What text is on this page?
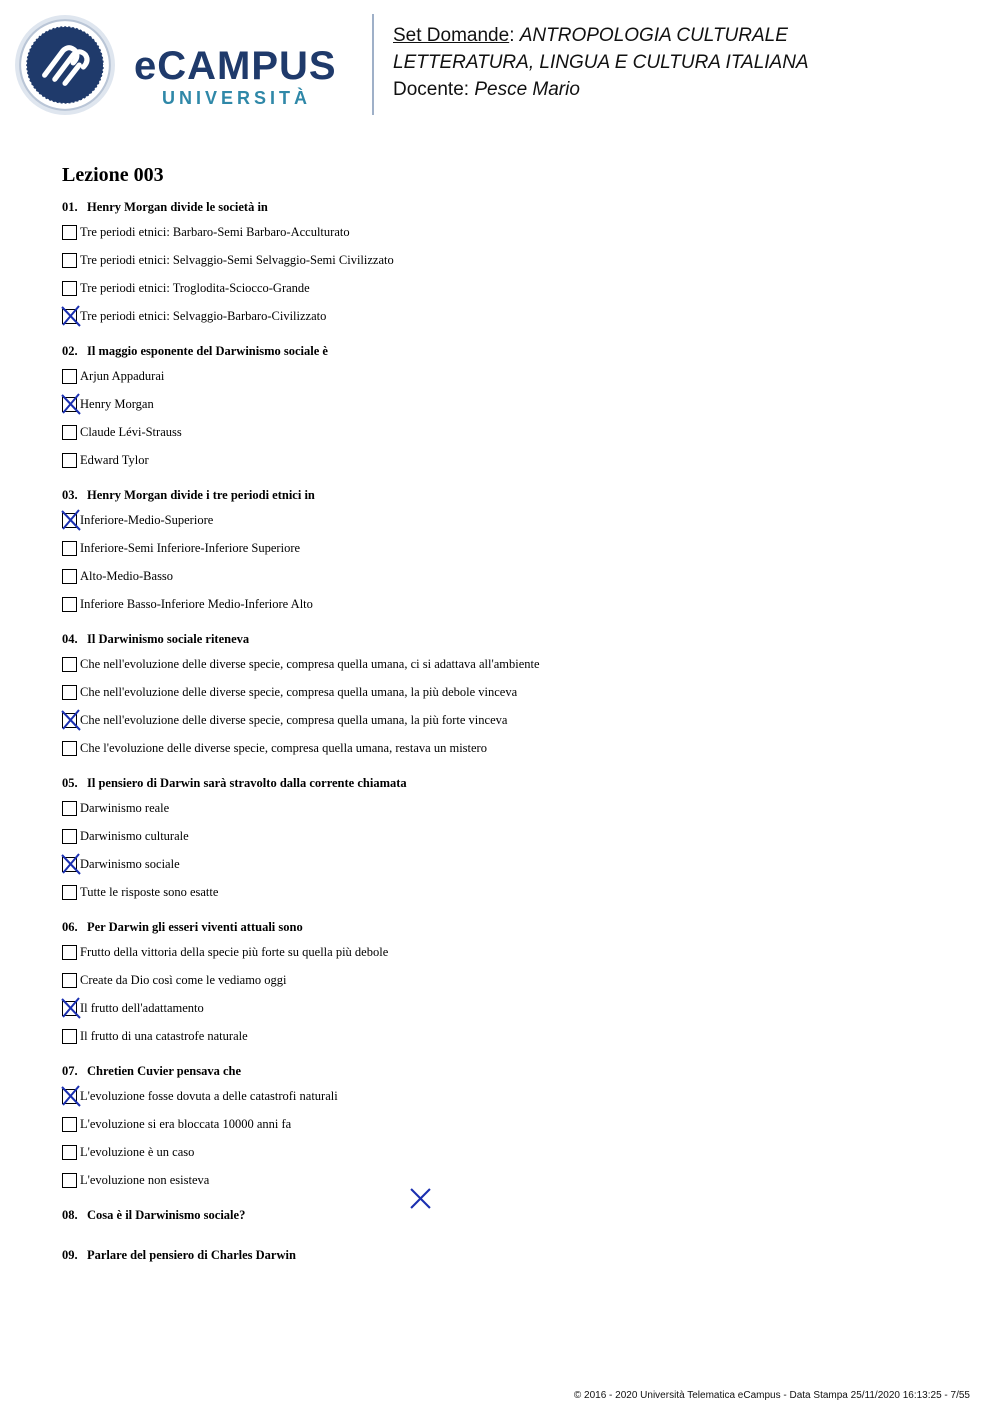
eCAMPUS
UNIVERSITÀ
Set Domande: ANTROPOLOGIA CULTURALE
LETTERATURA, LINGUA E CULTURA ITALIANA
Docente: Pesce Mario
Lezione 003
01. Henry Morgan divide le società in
Tre periodi etnici: Barbaro-Semi Barbaro-Acculturato
Tre periodi etnici: Selvaggio-Semi Selvaggio-Semi Civilizzato
Tre periodi etnici: Troglodita-Sciocco-Grande
Tre periodi etnici: Selvaggio-Barbaro-Civilizzato
02. Il maggio esponente del Darwinismo sociale è
Arjun Appadurai
Henry Morgan
Claude Lévi-Strauss
Edward Tylor
03. Henry Morgan divide i tre periodi etnici in
Inferiore-Medio-Superiore
Inferiore-Semi Inferiore-Inferiore Superiore
Alto-Medio-Basso
Inferiore Basso-Inferiore Medio-Inferiore Alto
04. Il Darwinismo sociale riteneva
Che nell'evoluzione delle diverse specie, compresa quella umana, ci si adattava all'ambiente
Che nell'evoluzione delle diverse specie, compresa quella umana, la più debole vinceva
Che nell'evoluzione delle diverse specie, compresa quella umana, la più forte vinceva
Che l'evoluzione delle diverse specie, compresa quella umana, restava un mistero
05. Il pensiero di Darwin sarà stravolto dalla corrente chiamata
Darwinismo reale
Darwinismo culturale
Darwinismo sociale
Tutte le risposte sono esatte
06. Per Darwin gli esseri viventi attuali sono
Frutto della vittoria della specie più forte su quella più debole
Create da Dio così come le vediamo oggi
Il frutto dell'adattamento
Il frutto di una catastrofe naturale
07. Chretien Cuvier pensava che
L'evoluzione fosse dovuta a delle catastrofi naturali
L'evoluzione si era bloccata 10000 anni fa
L'evoluzione è un caso
L'evoluzione non esisteva
08. Cosa è il Darwinismo sociale?
09. Parlare del pensiero di Charles Darwin
© 2016 - 2020 Università Telematica eCampus - Data Stampa 25/11/2020 16:13:25 - 7/55
